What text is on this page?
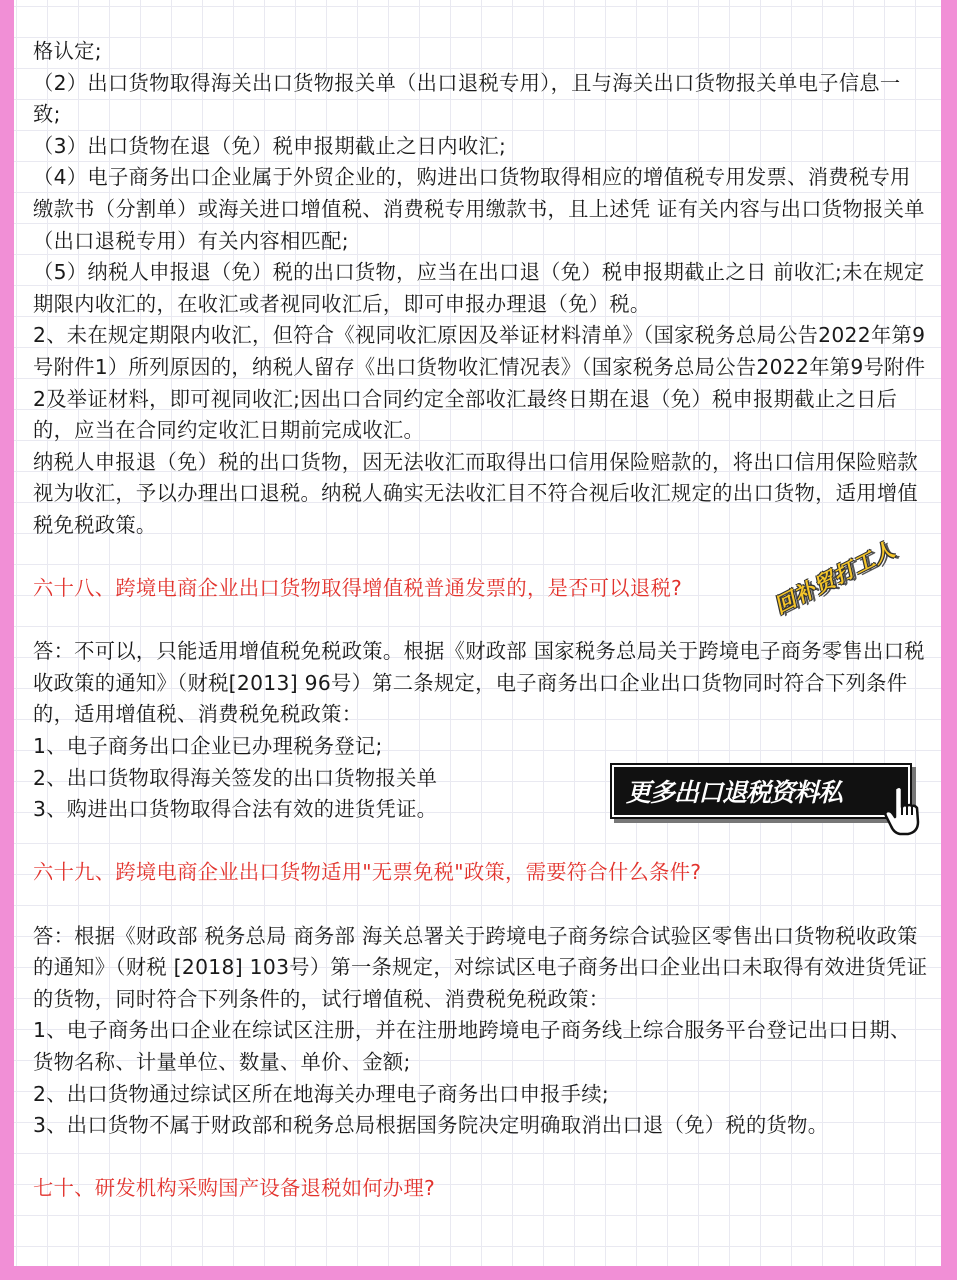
格认定;

（2）出口货物取得海关出口货物报关单（出口退税专用），且与海关出口货物报关单电子信息一致;

（3）出口货物在退（免）税申报期截止之日内收汇;

（4）电子商务出口企业属于外贸企业的，购进出口货物取得相应的增值税专用发票、消费税专用缴款书（分割单）或海关进口增值税、消费税专用缴款书，且上述凭 证有关内容与出口货物报关单（出口退税专用）有关内容相匹配;

（5）纳税人申报退（免）税的出口货物，应当在出口退（免）税申报期截止之日 前收汇;未在规定期限内收汇的，在收汇或者视同收汇后，即可申报办理退（免）税。

2、未在规定期限内收汇，但符合《视同收汇原因及举证材料清单》（国家税务总局公告2022年第9号附件1）所列原因的，纳税人留存《出口货物收汇情况表》（国家税务总局公告2022年第9号附件2及举证材料，即可视同收汇;因出口合同约定全部收汇最终日期在退（免）税申报期截止之日后的，应当在合同约定收汇日期前完成收汇。

纳税人申报退（免）税的出口货物，因无法收汇而取得出口信用保险赔款的，将出口信用保险赔款视为收汇，予以办理出口退税。纳税人确实无法收汇目不符合视后收汇规定的出口货物，适用增值税免税政策。

六十八、跨境电商企业出口货物取得增值税普通发票的，是否可以退税?

答：不可以，只能适用增值税免税政策。根据《财政部 国家税务总局关于跨境电子商务零售出口税收政策的通知》（财税[2013] 96号）第二条规定，电子商务出口企业出口货物同时符合下列条件的，适用增值税、消费税免税政策：

1、电子商务出口企业已办理税务登记;

2、出口货物取得海关签发的出口货物报关单

3、购进出口货物取得合法有效的进货凭证。

六十九、跨境电商企业出口货物适用"无票免税"政策，需要符合什么条件?

答：根据《财政部 税务总局 商务部 海关总署关于跨境电子商务综合试验区零售出口货物税收政策的通知》（财税 [2018] 103号）第一条规定，对综试区电子商务出口企业出口未取得有效进货凭证的货物，同时符合下列条件的，试行增值税、消费税免税政策：

1、电子商务出口企业在综试区注册，并在注册地跨境电子商务线上综合服务平台登记出口日期、货物名称、计量单位、数量、单价、金额;

2、出口货物通过综试区所在地海关办理电子商务出口申报手续;

3、出口货物不属于财政部和税务总局根据国务院决定明确取消出口退（免）税的货物。

七十、研发机构采购国产设备退税如何办理?

回补贸打工人
更多出口退税资料私
